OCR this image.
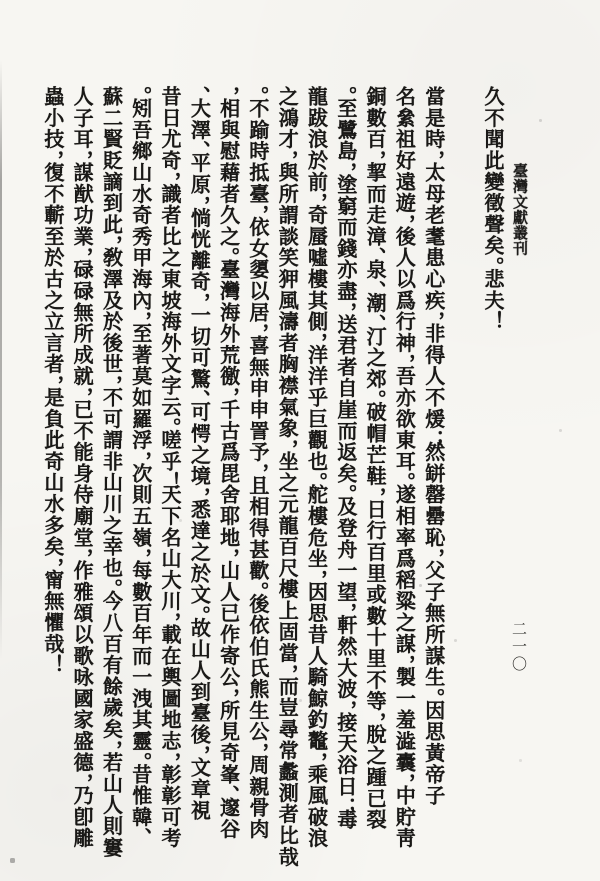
臺灣文獻叢刊
二一〇
久不聞此變徵聲矣。悲夫！
當是時，太母老耄患心疾，非得人不煖；然缾罄罍恥，父子無所謀生。因思黃帝子
名絫祖好遠遊，後人以爲行神，吾亦欲東耳。遂相率爲稻粱之謀，製一羞澁囊，中貯靑
銅數百，挈而走漳、泉、潮、汀之郊。破帽芒鞋，日行百里或數十里不等，脫之踵已裂
。至鷺島，塗窮而錢亦盡，送君者自崖而返矣。及登舟一望，軒然大波，接天浴日；毒
龍跋浪於前，奇蜃噓樓其側，洋洋乎巨觀也。舵樓危坐，因思昔人騎鯨釣鼇，乘風破浪
之鴻才，與所謂談笑狎風濤者胸襟氣象，坐之元龍百尺樓上固當，而豈尋常蠡測者比哉
。不踰時抵臺，依女嬃以居，喜無申申詈予，且相得甚歡。後依伯氏熊生公，周親骨肉
，相與慰藉者久之。臺灣海外荒徼，千古爲毘舍耶地，山人已作寄公，所見奇峯、邃谷
、大澤、平原，惝恍離奇，一切可驚、可愕之境，悉達之於文。故山人到臺後，文章視
昔日尤奇，識者比之東坡海外文字云。嗟乎！天下名山大川，載在輿圖地志，彰彰可考
。矧吾鄉山水奇秀甲海內，至著莫如羅浮，次則五嶺，每數百年而一洩其靈。昔惟韓、
蘇二賢貶謫到此，敎澤及於後世，不可謂非山川之幸也。今八百有餘歲矣，若山人則窶
人子耳，謀猷功業，碌碌無所成就，已不能身侍廟堂，作雅頌以歌咏國家盛德，乃卽雕
蟲小技，復不蘄至於古之立言者，是負此奇山水多矣，甯無懼哉！
